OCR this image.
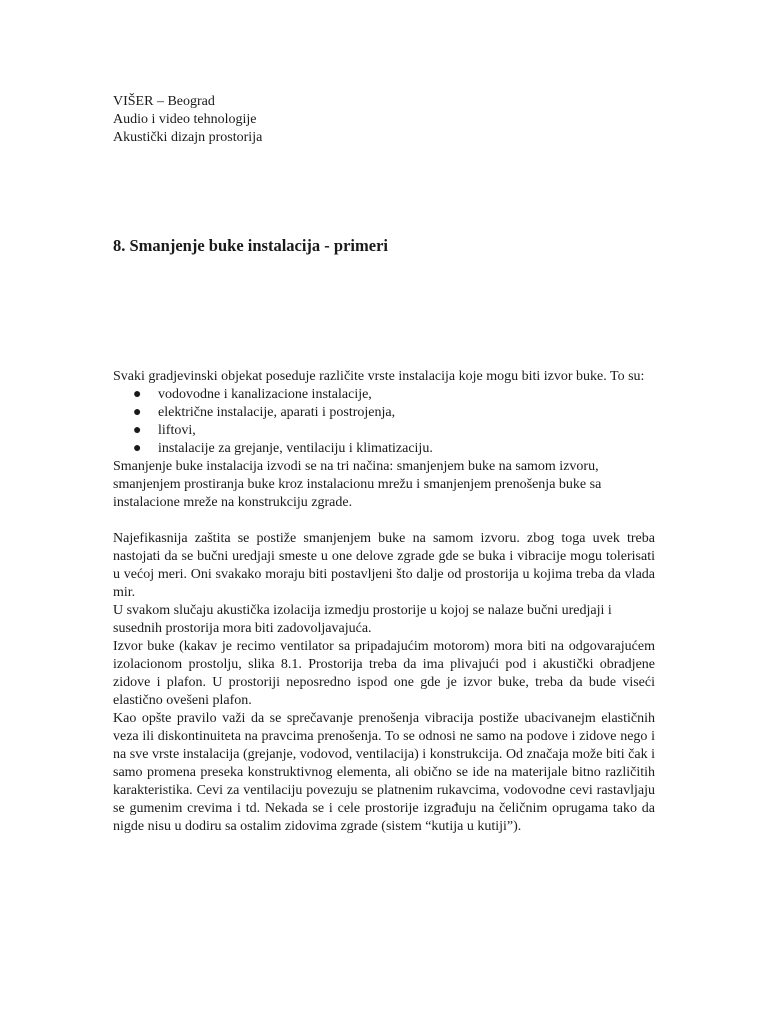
VIŠER – Beograd
Audio i video tehnologije
Akustički dizajn prostorija
8. Smanjenje buke instalacija - primeri

Svaki gradjevinski objekat poseduje različite vrste instalacija koje mogu biti izvor buke. To su:

● vodovodne i kanalizacione instalacije,
● električne instalacije, aparati i postrojenja,
● liftovi,
● instalacije za grejanje, ventilaciju i klimatizaciju.

Smanjenje buke instalacija izvodi se na tri načina: smanjenjem buke na samom izvoru, smanjenjem prostiranja buke kroz instalacionu mrežu i smanjenjem prenošenja buke sa instalacione mreže na konstrukciju zgrade.

Najefikasnija zaštita se postiže smanjenjem buke na samom izvoru. zbog toga uvek treba nastojati da se bučni uredjaji smeste u one delove zgrade gde se buka i vibracije mogu tolerisati u većoj meri. Oni svakako moraju biti postavljeni što dalje od prostorija u kojima treba da vlada mir.

U svakom slučaju akustička izolacija izmedju prostorije u kojoj se nalaze bučni uredjaji i susednih prostorija mora biti zadovoljavajuća.

Izvor buke (kakav je recimo ventilator sa pripadajućim motorom) mora biti na odgovarajućem izolacionom prostolju, slika 8.1. Prostorija treba da ima plivajući pod i akustički obradjene zidove i plafon. U prostoriji neposredno ispod one gde je izvor buke, treba da bude viseći elastično ovešeni plafon.

Kao opšte pravilo važi da se sprečavanje prenošenja vibracija postiže ubacivanejm elastičnih veza ili diskontinuiteta na pravcima prenošenja. To se odnosi ne samo na podove i zidove nego i na sve vrste instalacija (grejanje, vodovod, ventilacija) i konstrukcija. Od značaja može biti čak i samo promena preseka konstruktivnog elementa, ali obično se ide na materijale bitno različitih karakteristika. Cevi za ventilaciju povezuju se platnenim rukavcima, vodovodne cevi rastavljaju se gumenim crevima i td. Nekada se i cele prostorije izgrađuju na čeličnim oprugama tako da nigde nisu u dodiru sa ostalim zidovima zgrade (sistem “kutija u kutiji”).
